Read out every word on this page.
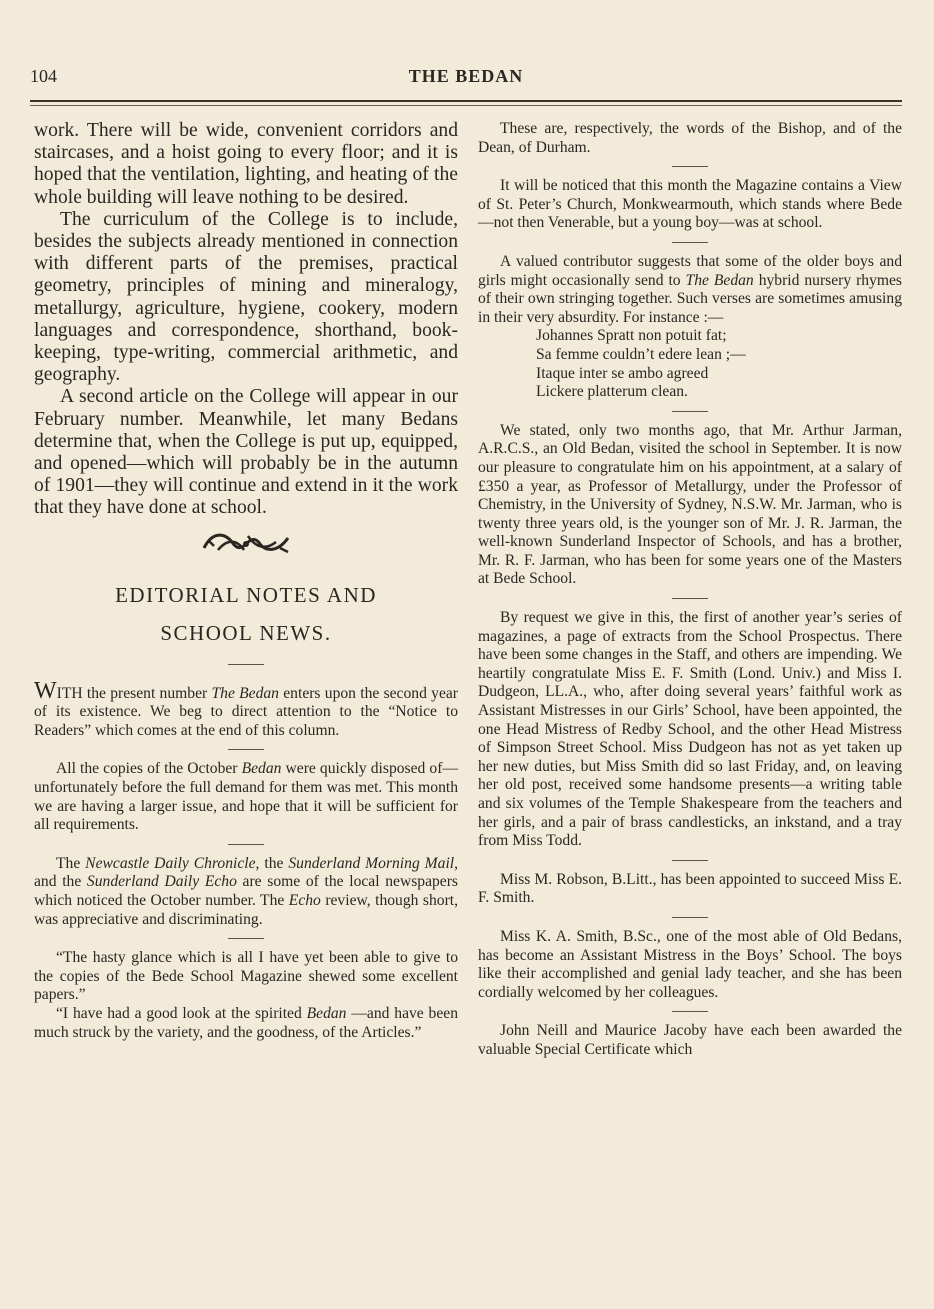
104	THE BEDAN

work. There will be wide, convenient corridors and staircases, and a hoist going to every floor; and it is hoped that the ventilation, lighting, and heating of the whole building will leave nothing to be desired.

The curriculum of the College is to include, besides the subjects already mentioned in connection with different parts of the premises, practical geometry, principles of mining and mineralogy, metallurgy, agriculture, hygiene, cookery, modern languages and correspondence, shorthand, book-keeping, type-writing, commercial arithmetic, and geography.

A second article on the College will appear in our February number. Meanwhile, let many Bedans determine that, when the College is put up, equipped, and opened—which will probably be in the autumn of 1901—they will continue and extend in it the work that they have done at school.

EDITORIAL NOTES AND
SCHOOL NEWS.

WITH the present number The Bedan enters upon the second year of its existence. We beg to direct attention to the “Notice to Readers” which comes at the end of this column.

All the copies of the October Bedan were quickly disposed of—unfortunately before the full demand for them was met. This month we are having a larger issue, and hope that it will be sufficient for all requirements.

The Newcastle Daily Chronicle, the Sunderland Morning Mail, and the Sunderland Daily Echo are some of the local newspapers which noticed the October number. The Echo review, though short, was appreciative and discriminating.

“The hasty glance which is all I have yet been able to give to the copies of the Bede School Magazine shewed some excellent papers.”

“I have had a good look at the spirited Bedan —and have been much struck by the variety, and the goodness, of the Articles.”

These are, respectively, the words of the Bishop, and of the Dean, of Durham.

It will be noticed that this month the Magazine contains a View of St. Peter’s Church, Monkwearmouth, which stands where Bede—not then Venerable, but a young boy—was at school.

A valued contributor suggests that some of the older boys and girls might occasionally send to The Bedan hybrid nursery rhymes of their own stringing together. Such verses are sometimes amusing in their very absurdity. For instance :—

Johannes Spratt non potuit fat;
Sa femme couldn’t edere lean ;—
Itaque inter se ambo agreed
Lickere platterum clean.

We stated, only two months ago, that Mr. Arthur Jarman, A.R.C.S., an Old Bedan, visited the school in September. It is now our pleasure to congratulate him on his appointment, at a salary of £350 a year, as Professor of Metallurgy, under the Professor of Chemistry, in the University of Sydney, N.S.W. Mr. Jarman, who is twenty three years old, is the younger son of Mr. J. R. Jarman, the well-known Sunderland Inspector of Schools, and has a brother, Mr. R. F. Jarman, who has been for some years one of the Masters at Bede School.

By request we give in this, the first of another year’s series of magazines, a page of extracts from the School Prospectus. There have been some changes in the Staff, and others are impending. We heartily congratulate Miss E. F. Smith (Lond. Univ.) and Miss I. Dudgeon, LL.A., who, after doing several years’ faithful work as Assistant Mistresses in our Girls’ School, have been appointed, the one Head Mistress of Redby School, and the other Head Mistress of Simpson Street School. Miss Dudgeon has not as yet taken up her new duties, but Miss Smith did so last Friday, and, on leaving her old post, received some handsome presents—a writing table and six volumes of the Temple Shakespeare from the teachers and her girls, and a pair of brass candlesticks, an inkstand, and a tray from Miss Todd.

Miss M. Robson, B.Litt., has been appointed to succeed Miss E. F. Smith.

Miss K. A. Smith, B.Sc., one of the most able of Old Bedans, has become an Assistant Mistress in the Boys’ School. The boys like their accomplished and genial lady teacher, and she has been cordially welcomed by her colleagues.

John Neill and Maurice Jacoby have each been awarded the valuable Special Certificate which
